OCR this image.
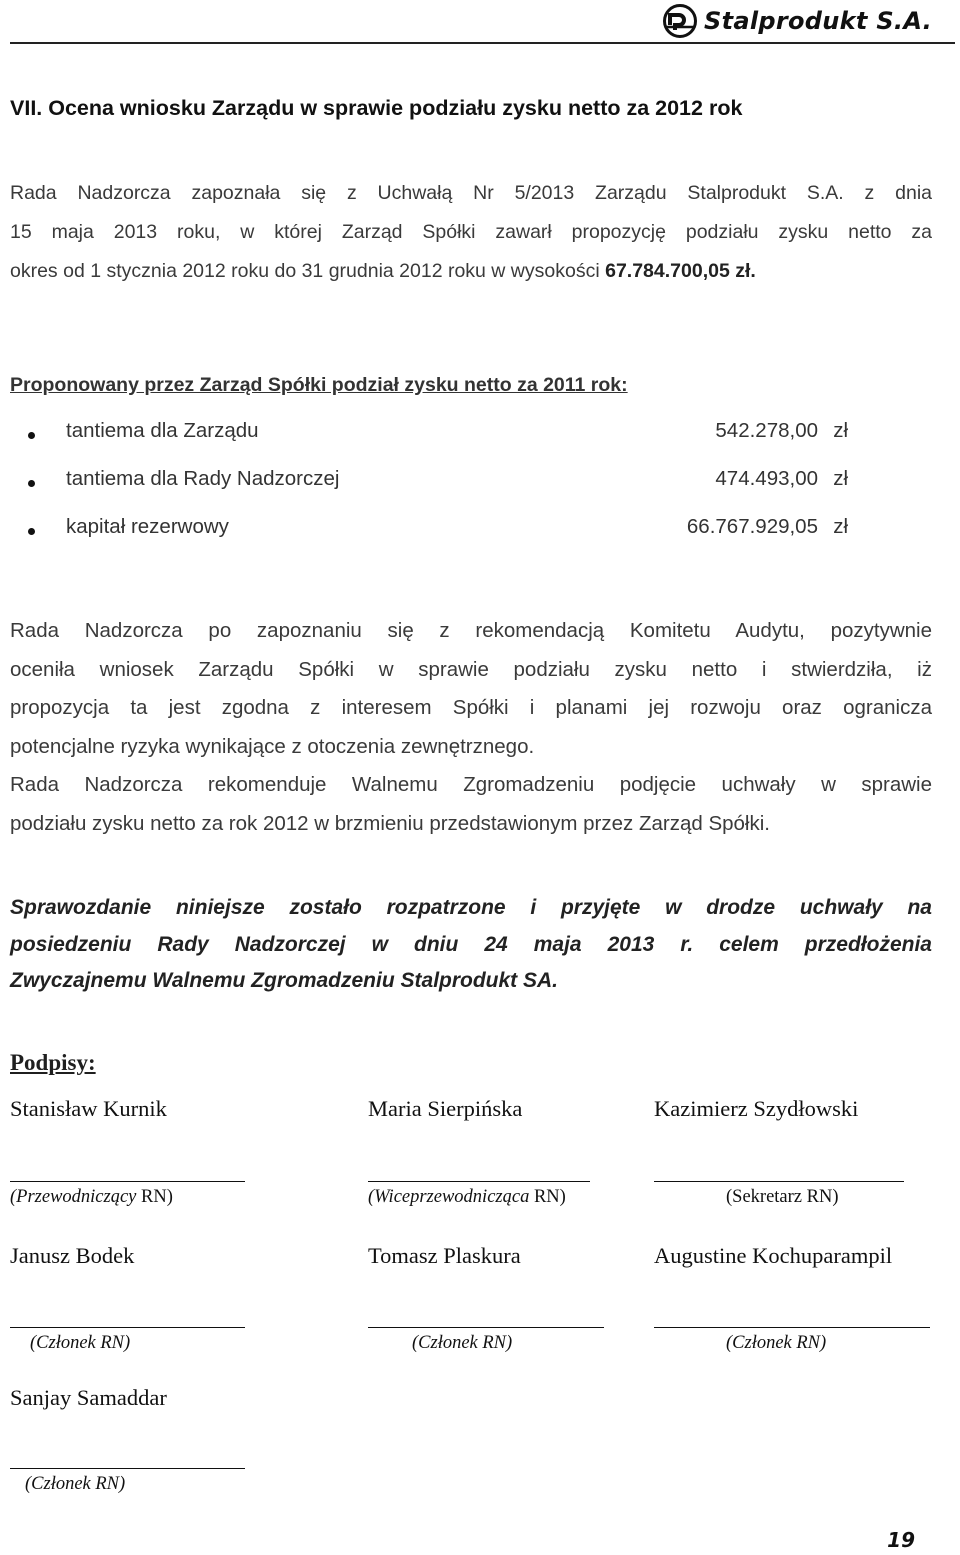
Stalprodukt S.A.
VII. Ocena wniosku Zarządu w sprawie podziału zysku netto za 2012 rok
Rada Nadzorcza zapoznała się z Uchwałą Nr 5/2013 Zarządu Stalprodukt S.A. z dnia
15 maja 2013 roku, w której Zarząd Spółki zawarł propozycję podziału zysku netto za
okres od 1 stycznia 2012 roku do 31 grudnia 2012 roku w wysokości 67.784.700,05 zł.
Proponowany przez Zarząd Spółki podział zysku netto za 2011 rok:
tantiema dla Zarządu	542.278,00 zł
tantiema dla Rady Nadzorczej	474.493,00 zł
kapitał rezerwowy	66.767.929,05 zł
Rada Nadzorcza po zapoznaniu się z rekomendacją Komitetu Audytu, pozytywnie
oceniła wniosek Zarządu Spółki w sprawie podziału zysku netto i stwierdziła, iż
propozycja ta jest zgodna z interesem Spółki i planami jej rozwoju oraz ogranicza
potencjalne ryzyka wynikające z otoczenia zewnętrznego.
Rada Nadzorcza rekomenduje Walnemu Zgromadzeniu podjęcie uchwały w sprawie
podziału zysku netto za rok 2012 w brzmieniu przedstawionym przez Zarząd Spółki.
Sprawozdanie niniejsze zostało rozpatrzone i przyjęte w drodze uchwały na
posiedzeniu Rady Nadzorczej w dniu 24 maja 2013 r. celem przedłożenia
Zwyczajnemu Walnemu Zgromadzeniu Stalprodukt SA.
Podpisy:
Stanisław Kurnik	Maria Sierpińska	Kazimierz Szydłowski
(Przewodniczący RN)	(Wiceprzewodnicząca RN)	(Sekretarz RN)
Janusz Bodek	Tomasz Plaskura	Augustine Kochuparampil
(Członek RN)	(Członek RN)	(Członek RN)
Sanjay Samaddar
(Członek RN)
19
